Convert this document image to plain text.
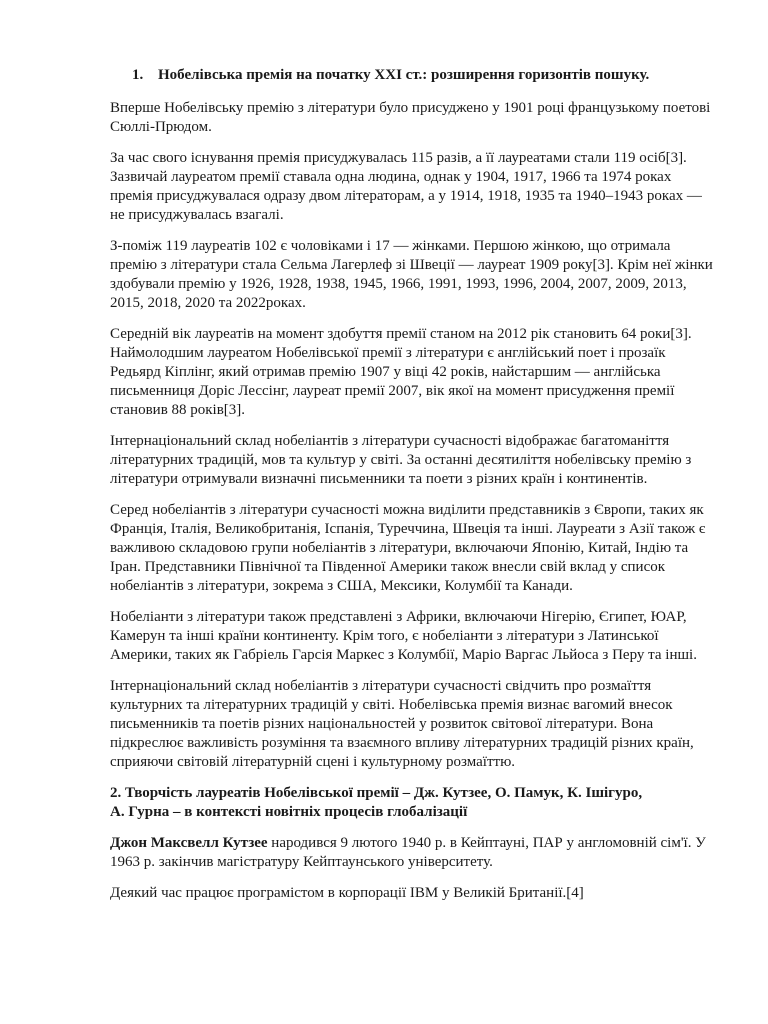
1. Нобелівська премія на початку XXI ст.: розширення горизонтів пошуку.

Вперше Нобелівську премію з літератури було присуджено у 1901 році французькому поетові Сюллі-Прюдом.

За час свого існування премія присуджувалась 115 разів, а її лауреатами стали 119 осіб[3]. Зазвичай лауреатом премії ставала одна людина, однак у 1904, 1917, 1966 та 1974 роках премія присуджувалася одразу двом літераторам, а у 1914, 1918, 1935 та 1940–1943 роках — не присуджувалась взагалі.

З-поміж 119 лауреатів 102 є чоловіками і 17 — жінками. Першою жінкою, що отримала премію з літератури стала Сельма Лагерлеф зі Швеції — лауреат 1909 року[3]. Крім неї жінки здобували премію у 1926, 1928, 1938, 1945, 1966, 1991, 1993, 1996, 2004, 2007, 2009, 2013, 2015, 2018, 2020 та 2022роках.

Середній вік лауреатів на момент здобуття премії станом на 2012 рік становить 64 роки[3]. Наймолодшим лауреатом Нобелівської премії з літератури є англійський поет і прозаїк Редьярд Кіплінг, який отримав премію 1907 у віці 42 років, найстаршим — англійська письменниця Доріс Лессінг, лауреат премії 2007, вік якої на момент присудження премії становив 88 років[3].

Інтернаціональний склад нобеліантів з літератури сучасності відображає багатоманіття літературних традицій, мов та культур у світі. За останні десятиліття нобелівську премію з літератури отримували визначні письменники та поети з різних країн і континентів.

Серед нобеліантів з літератури сучасності можна виділити представників з Європи, таких як Франція, Італія, Великобританія, Іспанія, Туреччина, Швеція та інші. Лауреати з Азії також є важливою складовою групи нобеліантів з літератури, включаючи Японію, Китай, Індію та Іран. Представники Північної та Південної Америки також внесли свій вклад у список нобеліантів з літератури, зокрема з США, Мексики, Колумбії та Канади.

Нобеліанти з літератури також представлені з Африки, включаючи Нігерію, Єгипет, ЮАР, Камерун та інші країни континенту. Крім того, є нобеліанти з літератури з Латинської Америки, таких як Габріель Гарсія Маркес з Колумбії, Маріо Варгас Льйоса з Перу та інші.

Інтернаціональний склад нобеліантів з літератури сучасності свідчить про розмаїття культурних та літературних традицій у світі. Нобелівська премія визнає вагомий внесок письменників та поетів різних національностей у розвиток світової літератури. Вона підкреслює важливість розуміння та взаємного впливу літературних традицій різних країн, сприяючи світовій літературній сцені і культурному розмаїттю.

2. Творчість лауреатів Нобелівської премії – Дж. Кутзее, О. Памук, К. Ішігуро,
А. Гурна – в контексті новітніх процесів глобалізації

Джон Максвелл Кутзее народився 9 лютого 1940 р. в Кейптауні, ПАР у англомовній сім'ї. У 1963 р. закінчив магістратуру Кейптаунського університету.

Деякий час працює програмістом в корпорації IBM у Великій Британії.[4]
